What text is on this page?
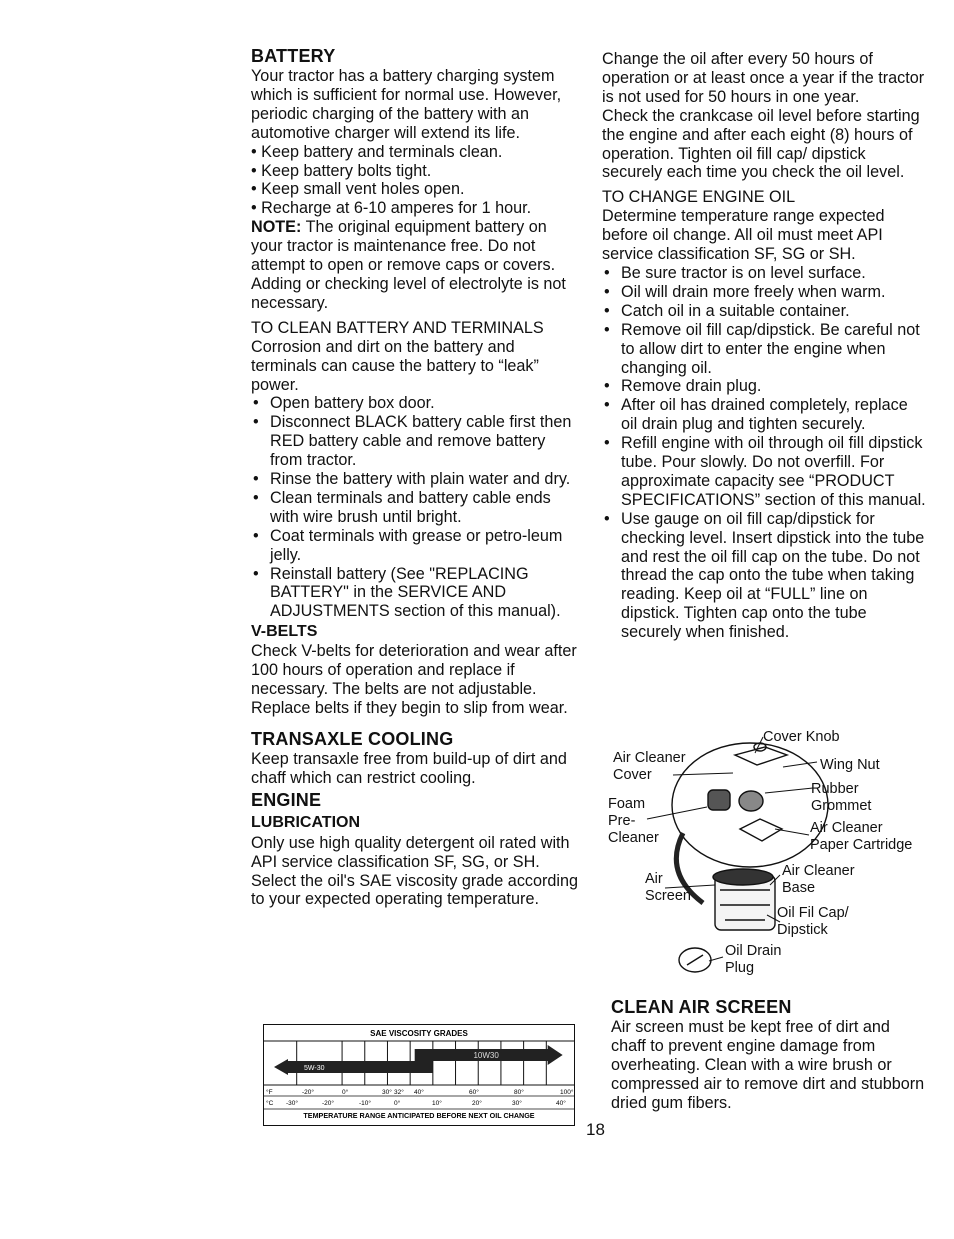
BATTERY

Your tractor has a battery charging system which is sufficient for normal use. However, periodic charging of the battery with an automotive charger will extend its life.

• Keep battery and terminals clean.
• Keep battery bolts tight.
• Keep small vent holes open.
• Recharge at 6-10 amperes for 1 hour.

NOTE: The original equipment battery on your tractor is maintenance free. Do not attempt to open or remove caps or covers. Adding or checking level of electrolyte is not necessary.

TO CLEAN BATTERY AND TERMINALS

Corrosion and dirt on the battery and terminals can cause the battery to “leak” power.

• Open battery box door.
• Disconnect BLACK battery cable first then RED battery cable and remove battery from tractor.
• Rinse the battery with plain water and dry.
• Clean terminals and battery cable ends with wire brush until bright.
• Coat terminals with grease or petro-leum jelly.
• Reinstall battery (See "REPLACING BATTERY" in the SERVICE AND ADJUSTMENTS section of this manual).
V-BELTS

Check V-belts for deterioration and wear after 100 hours of operation and replace if necessary. The belts are not adjustable. Replace belts if they begin to slip from wear.

TRANSAXLE COOLING

Keep transaxle free from build-up of dirt and chaff which can restrict cooling.

ENGINE
LUBRICATION

Only use high quality detergent oil rated with API service classification SF, SG, or SH. Select the oil's SAE viscosity grade according to your expected operating temperature.

SAE VISCOSITY GRADES
5W-30
10W30
°F	-20°	0°	30° 32° 40°	60°	80°	100°
°C -30°	-20°	-10°	0°	10°	20°	30°	40°
TEMPERATURE RANGE ANTICIPATED BEFORE NEXT OIL CHANGE

Change the oil after every 50 hours of operation or at least once a year if the tractor is not used for 50 hours in one year.

Check the crankcase oil level before starting the engine and after each eight (8) hours of operation. Tighten oil fill cap/ dipstick securely each time you check the oil level.

TO CHANGE ENGINE OIL

Determine temperature range expected before oil change. All oil must meet API service classification SF, SG or SH.

• Be sure tractor is on level surface.
• Oil will drain more freely when warm.
• Catch oil in a suitable container.
• Remove oil fill cap/dipstick. Be careful not to allow dirt to enter the engine when changing oil.
• Remove drain plug.
• After oil has drained completely, replace oil drain plug and tighten securely.
• Refill engine with oil through oil fill dipstick tube. Pour slowly. Do not overfill. For approximate capacity see “PRODUCT SPECIFICATIONS” section of this manual.
• Use gauge on oil fill cap/dipstick for checking level. Insert dipstick into the tube and rest the oil fill cap on the tube. Do not thread the cap onto the tube when taking reading. Keep oil at “FULL” line on dipstick. Tighten cap onto the tube securely when finished.
Cover Knob
Air Cleaner Cover
Wing Nut
Rubber Grommet
Foam Pre-Cleaner
Air Cleaner Paper Cartridge
Air Cleaner Base
Air Screen
Oil Fil Cap/ Dipstick
Oil Drain Plug
CLEAN AIR SCREEN

Air screen must be kept free of dirt and chaff to prevent engine damage from overheating. Clean with a wire brush or compressed air to remove dirt and stubborn dried gum fibers.

18
